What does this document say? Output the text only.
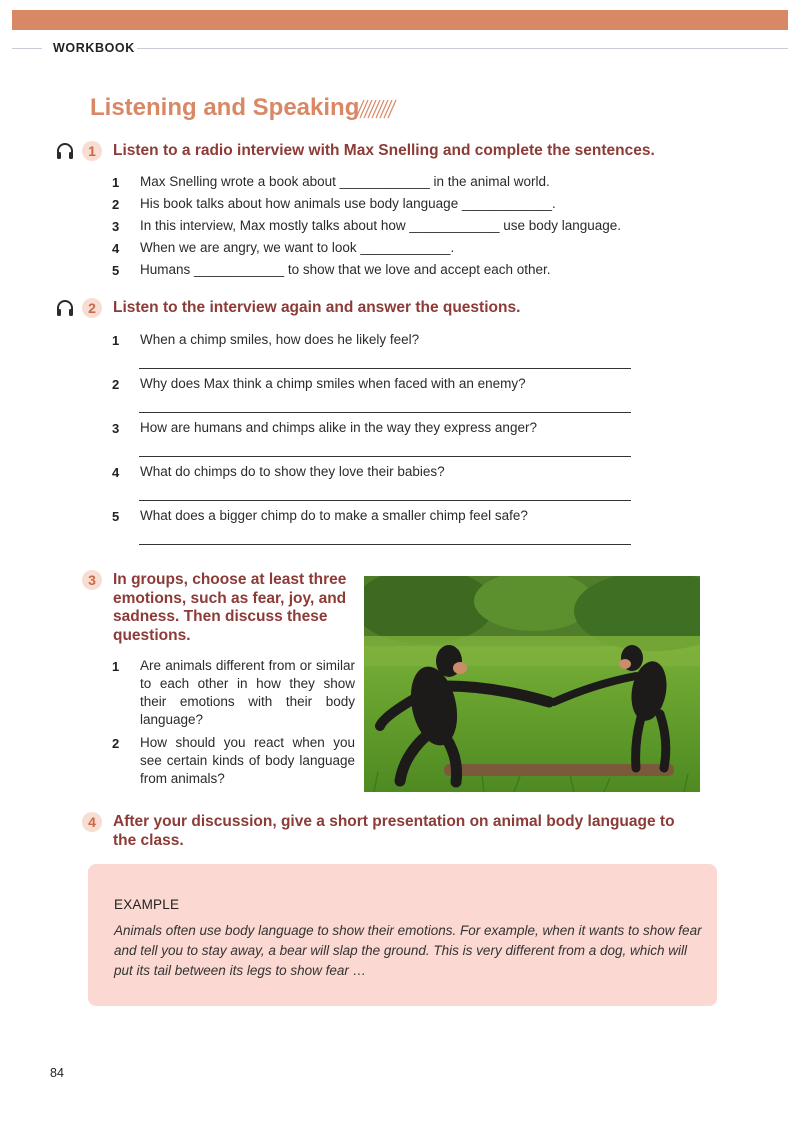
WORKBOOK
Listening and Speaking
1	Listen to a radio interview with Max Snelling and complete the sentences.
1 Max Snelling wrote a book about ____________ in the animal world.
2 His book talks about how animals use body language ____________.
3 In this interview, Max mostly talks about how ____________ use body language.
4 When we are angry, we want to look ____________.
5 Humans ____________ to show that we love and accept each other.
2	Listen to the interview again and answer the questions.
1 When a chimp smiles, how does he likely feel?
2 Why does Max think a chimp smiles when faced with an enemy?
3 How are humans and chimps alike in the way they express anger?
4 What do chimps do to show they love their babies?
5 What does a bigger chimp do to make a smaller chimp feel safe?
3	In groups, choose at least three
emotions, such as fear, joy, and
sadness. Then discuss these
questions.
1 Are animals different from or similar to each other in how they show their emotions with their body language?
2 How should you react when you see certain kinds of body language from animals?
4	After your discussion, give a short presentation on animal body language to
the class.
EXAMPLE
Animals often use body language to show their emotions. For example, when it wants to show fear and tell you to stay away, a bear will slap the ground. This is very different from a dog, which will put its tail between its legs to show fear …
84
